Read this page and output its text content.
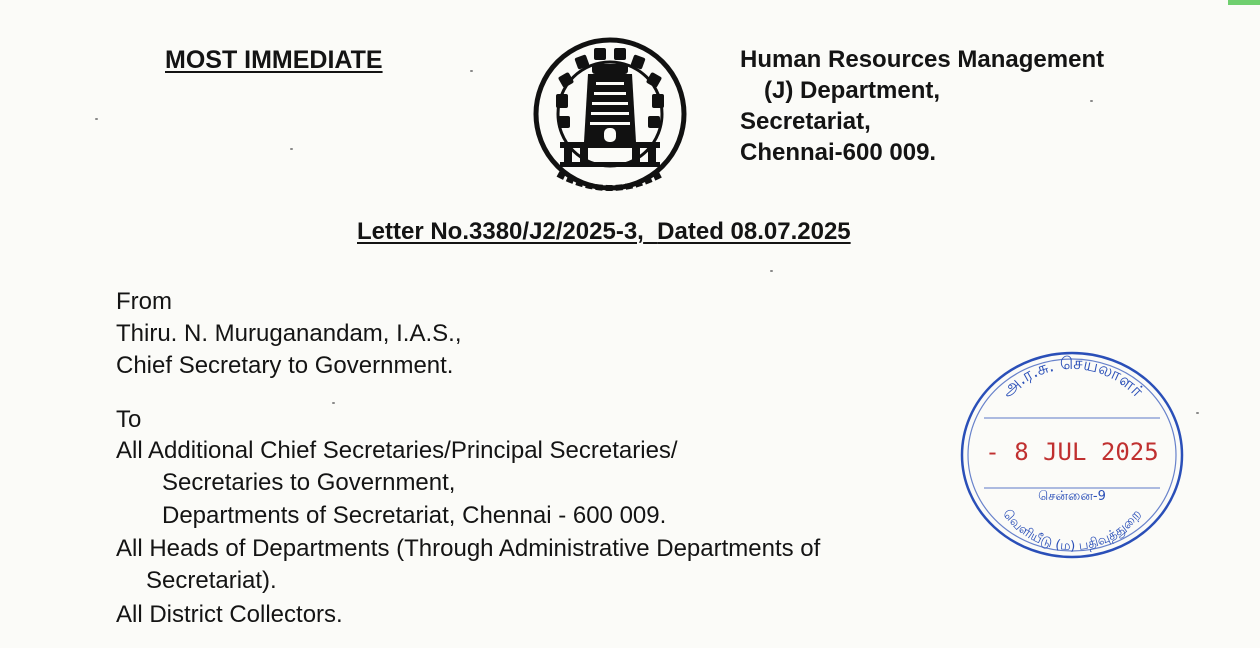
MOST IMMEDIATE	Human Resources Management
(J) Department,
Secretariat,
Chennai-600 009.
Letter No.3380/J2/2025-3, Dated 08.07.2025
From
Thiru. N. Muruganandam, I.A.S.,
Chief Secretary to Government.
To
All Additional Chief Secretaries/Principal Secretaries/
Secretaries to Government,
Departments of Secretariat, Chennai - 600 009.
All Heads of Departments (Through Administrative Departments of
Secretariat).
All District Collectors.
அ.ர.சு. செயலாளர்
- 8 JUL 2025
சென்னை-9
வெளியீடு (ம) பதிவுத்துறை
